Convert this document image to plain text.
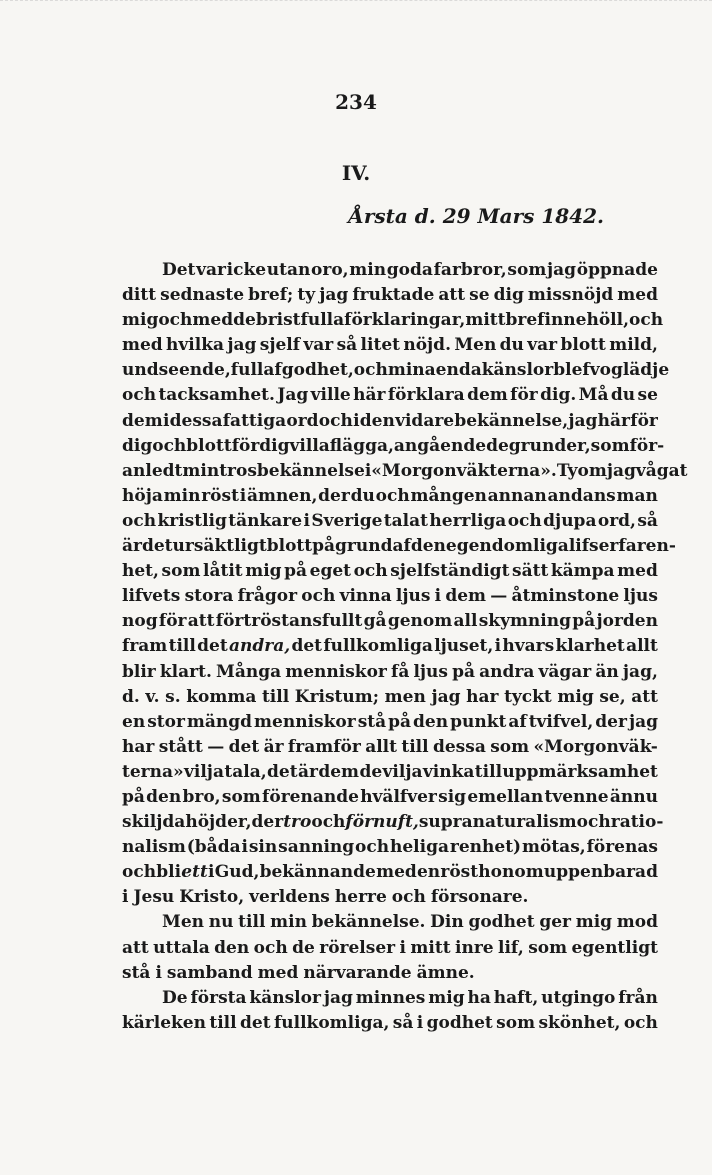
234
IV.
Årsta d. 29 Mars 1842.
Det var icke utan oro, min goda farbror, som jag öppnade
ditt sednaste bref; ty jag fruktade att se dig missnöjd med
mig och med de bristfulla förklaringar, mitt bref innehöll, och
med hvilka jag sjelf var så litet nöjd. Men du var blott mild,
undseende, full af godhet, och mina enda känslor blefvo glädje
och tacksamhet. Jag ville här förklara dem för dig. Må du se
dem i dessa fattiga ord och i den vidare bekännelse, jag här för
dig och blott för dig vill aflägga, angående de grunder, som för-
anledt min trosbekännelse i «Morgonväkterna». Ty om jag vågat
höja min röst i ämnen, der du och mången annan andans man
och kristlig tänkare i Sverige talat herrliga och djupa ord, så
är det ursäktligt blott på grund af den egendomliga lifserfaren-
het, som låtit mig på eget och sjelfständigt sätt kämpa med
lifvets stora frågor och vinna ljus i dem — åtminstone ljus
nog för att förtröstansfullt gå genom all skymning på jorden
fram till det andra, det fullkomliga ljuset, i hvars klarhet allt
blir klart. Många menniskor få ljus på andra vägar än jag,
d. v. s. komma till Kristum; men jag har tyckt mig se, att
en stor mängd menniskor stå på den punkt af tvifvel, der jag
har stått — det är framför allt till dessa som «Morgonväk-
terna» vilja tala, det är dem de vilja vinka till uppmärksamhet
på den bro, som förenande hvälfver sig emellan tvenne ännu
skiljda höjder, der tro och förnuft, supranaturalism och ratio-
nalism (båda i sin sanning och heliga renhet) mötas, förenas
och bli ett i Gud, bekännande med en röst honom uppenbarad
i Jesu Kristo, verldens herre och försonare.
Men nu till min bekännelse. Din godhet ger mig mod
att uttala den och de rörelser i mitt inre lif, som egentligt
stå i samband med närvarande ämne.
De första känslor jag minnes mig ha haft, utgingo från
kärleken till det fullkomliga, så i godhet som skönhet, och
